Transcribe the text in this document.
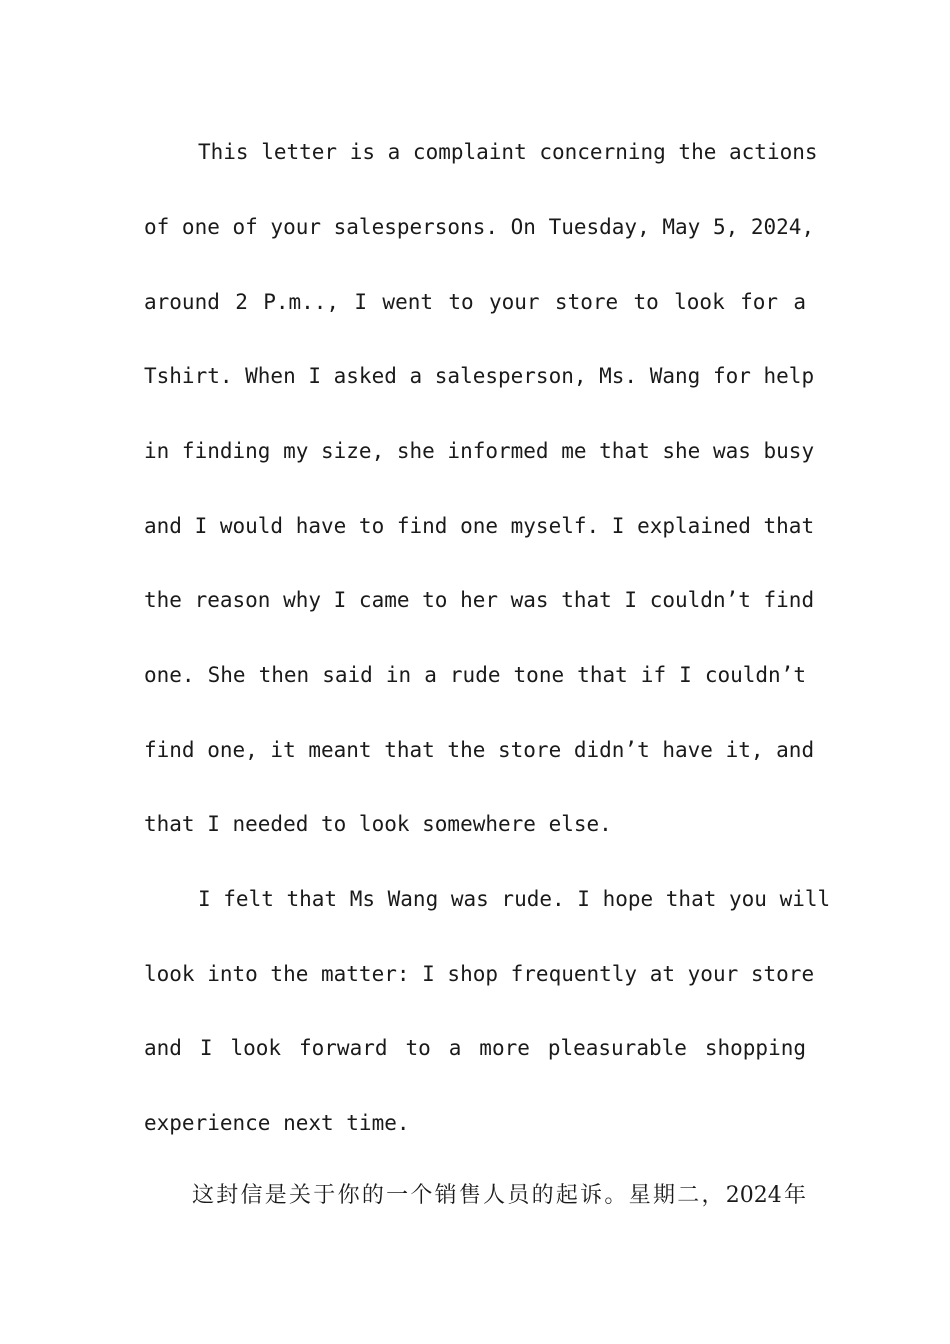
This letter is a complaint concerning the actions
of one of your salespersons. On Tuesday, May 5, 2024,
around 2 P.m.., I went to your store to look for a
Tshirt. When I asked a salesperson, Ms. Wang for help
in finding my size, she informed me that she was busy
and I would have to find one myself. I explained that
the reason why I came to her was that I couldn’t find
one. She then said in a rude tone that if I couldn’t
find one, it meant that the store didn’t have it, and
that I needed to look somewhere else.
I felt that Ms Wang was rude. I hope that you will
look into the matter: I shop frequently at your store
and I look forward to a more pleasurable shopping
experience next time.
这封信是关于你的一个销售人员的起诉。星期二，2024年
